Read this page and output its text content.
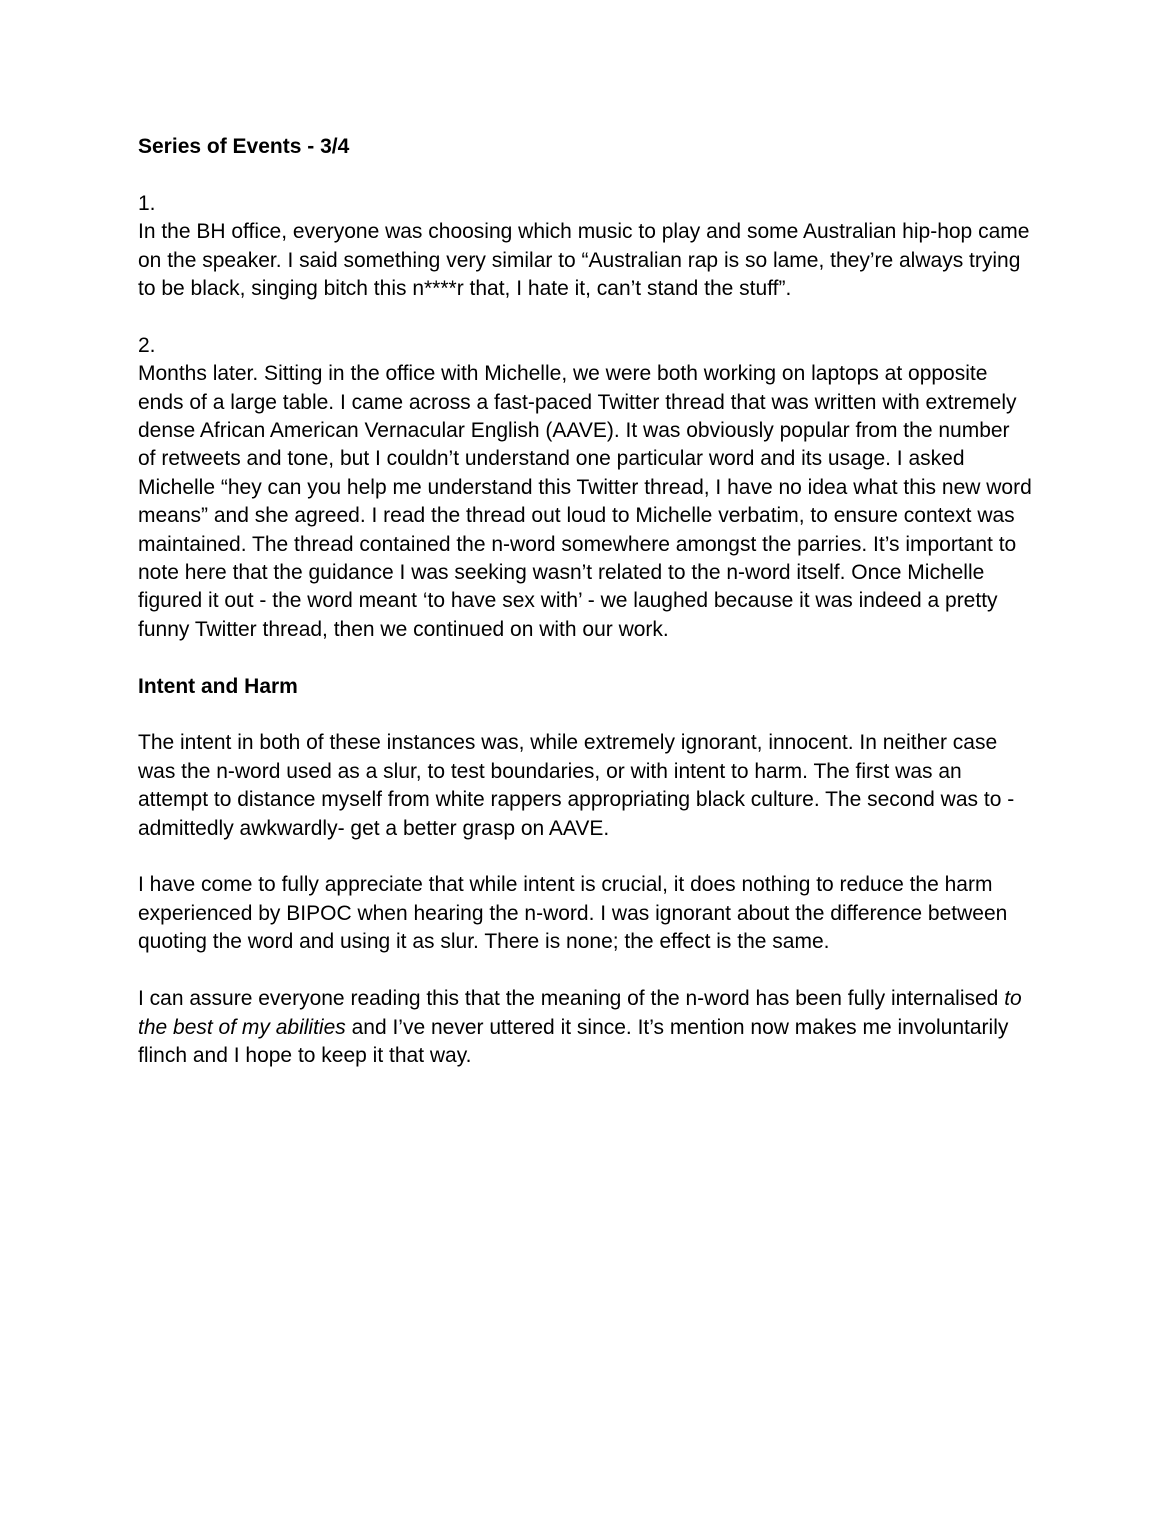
Series of Events - 3/4

1.

In the BH office, everyone was choosing which music to play and some Australian hip-hop came on the speaker. I said something very similar to “Australian rap is so lame, they’re always trying to be black, singing bitch this n****r that, I hate it, can’t stand the stuff”.

2.

Months later. Sitting in the office with Michelle, we were both working on laptops at opposite ends of a large table. I came across a fast-paced Twitter thread that was written with extremely dense African American Vernacular English (AAVE). It was obviously popular from the number of retweets and tone, but I couldn’t understand one particular word and its usage. I asked Michelle “hey can you help me understand this Twitter thread, I have no idea what this new word means” and she agreed. I read the thread out loud to Michelle verbatim, to ensure context was maintained. The thread contained the n-word somewhere amongst the parries. It’s important to note here that the guidance I was seeking wasn’t related to the n-word itself. Once Michelle figured it out - the word meant ‘to have sex with’ - we laughed because it was indeed a pretty funny Twitter thread, then we continued on with our work.

Intent and Harm

The intent in both of these instances was, while extremely ignorant, innocent. In neither case was the n-word used as a slur, to test boundaries, or with intent to harm. The first was an attempt to distance myself from white rappers appropriating black culture. The second was to -admittedly awkwardly- get a better grasp on AAVE.

I have come to fully appreciate that while intent is crucial, it does nothing to reduce the harm experienced by BIPOC when hearing the n-word. I was ignorant about the difference between quoting the word and using it as slur. There is none; the effect is the same.

I can assure everyone reading this that the meaning of the n-word has been fully internalised to the best of my abilities and I’ve never uttered it since. It’s mention now makes me involuntarily flinch and I hope to keep it that way.
